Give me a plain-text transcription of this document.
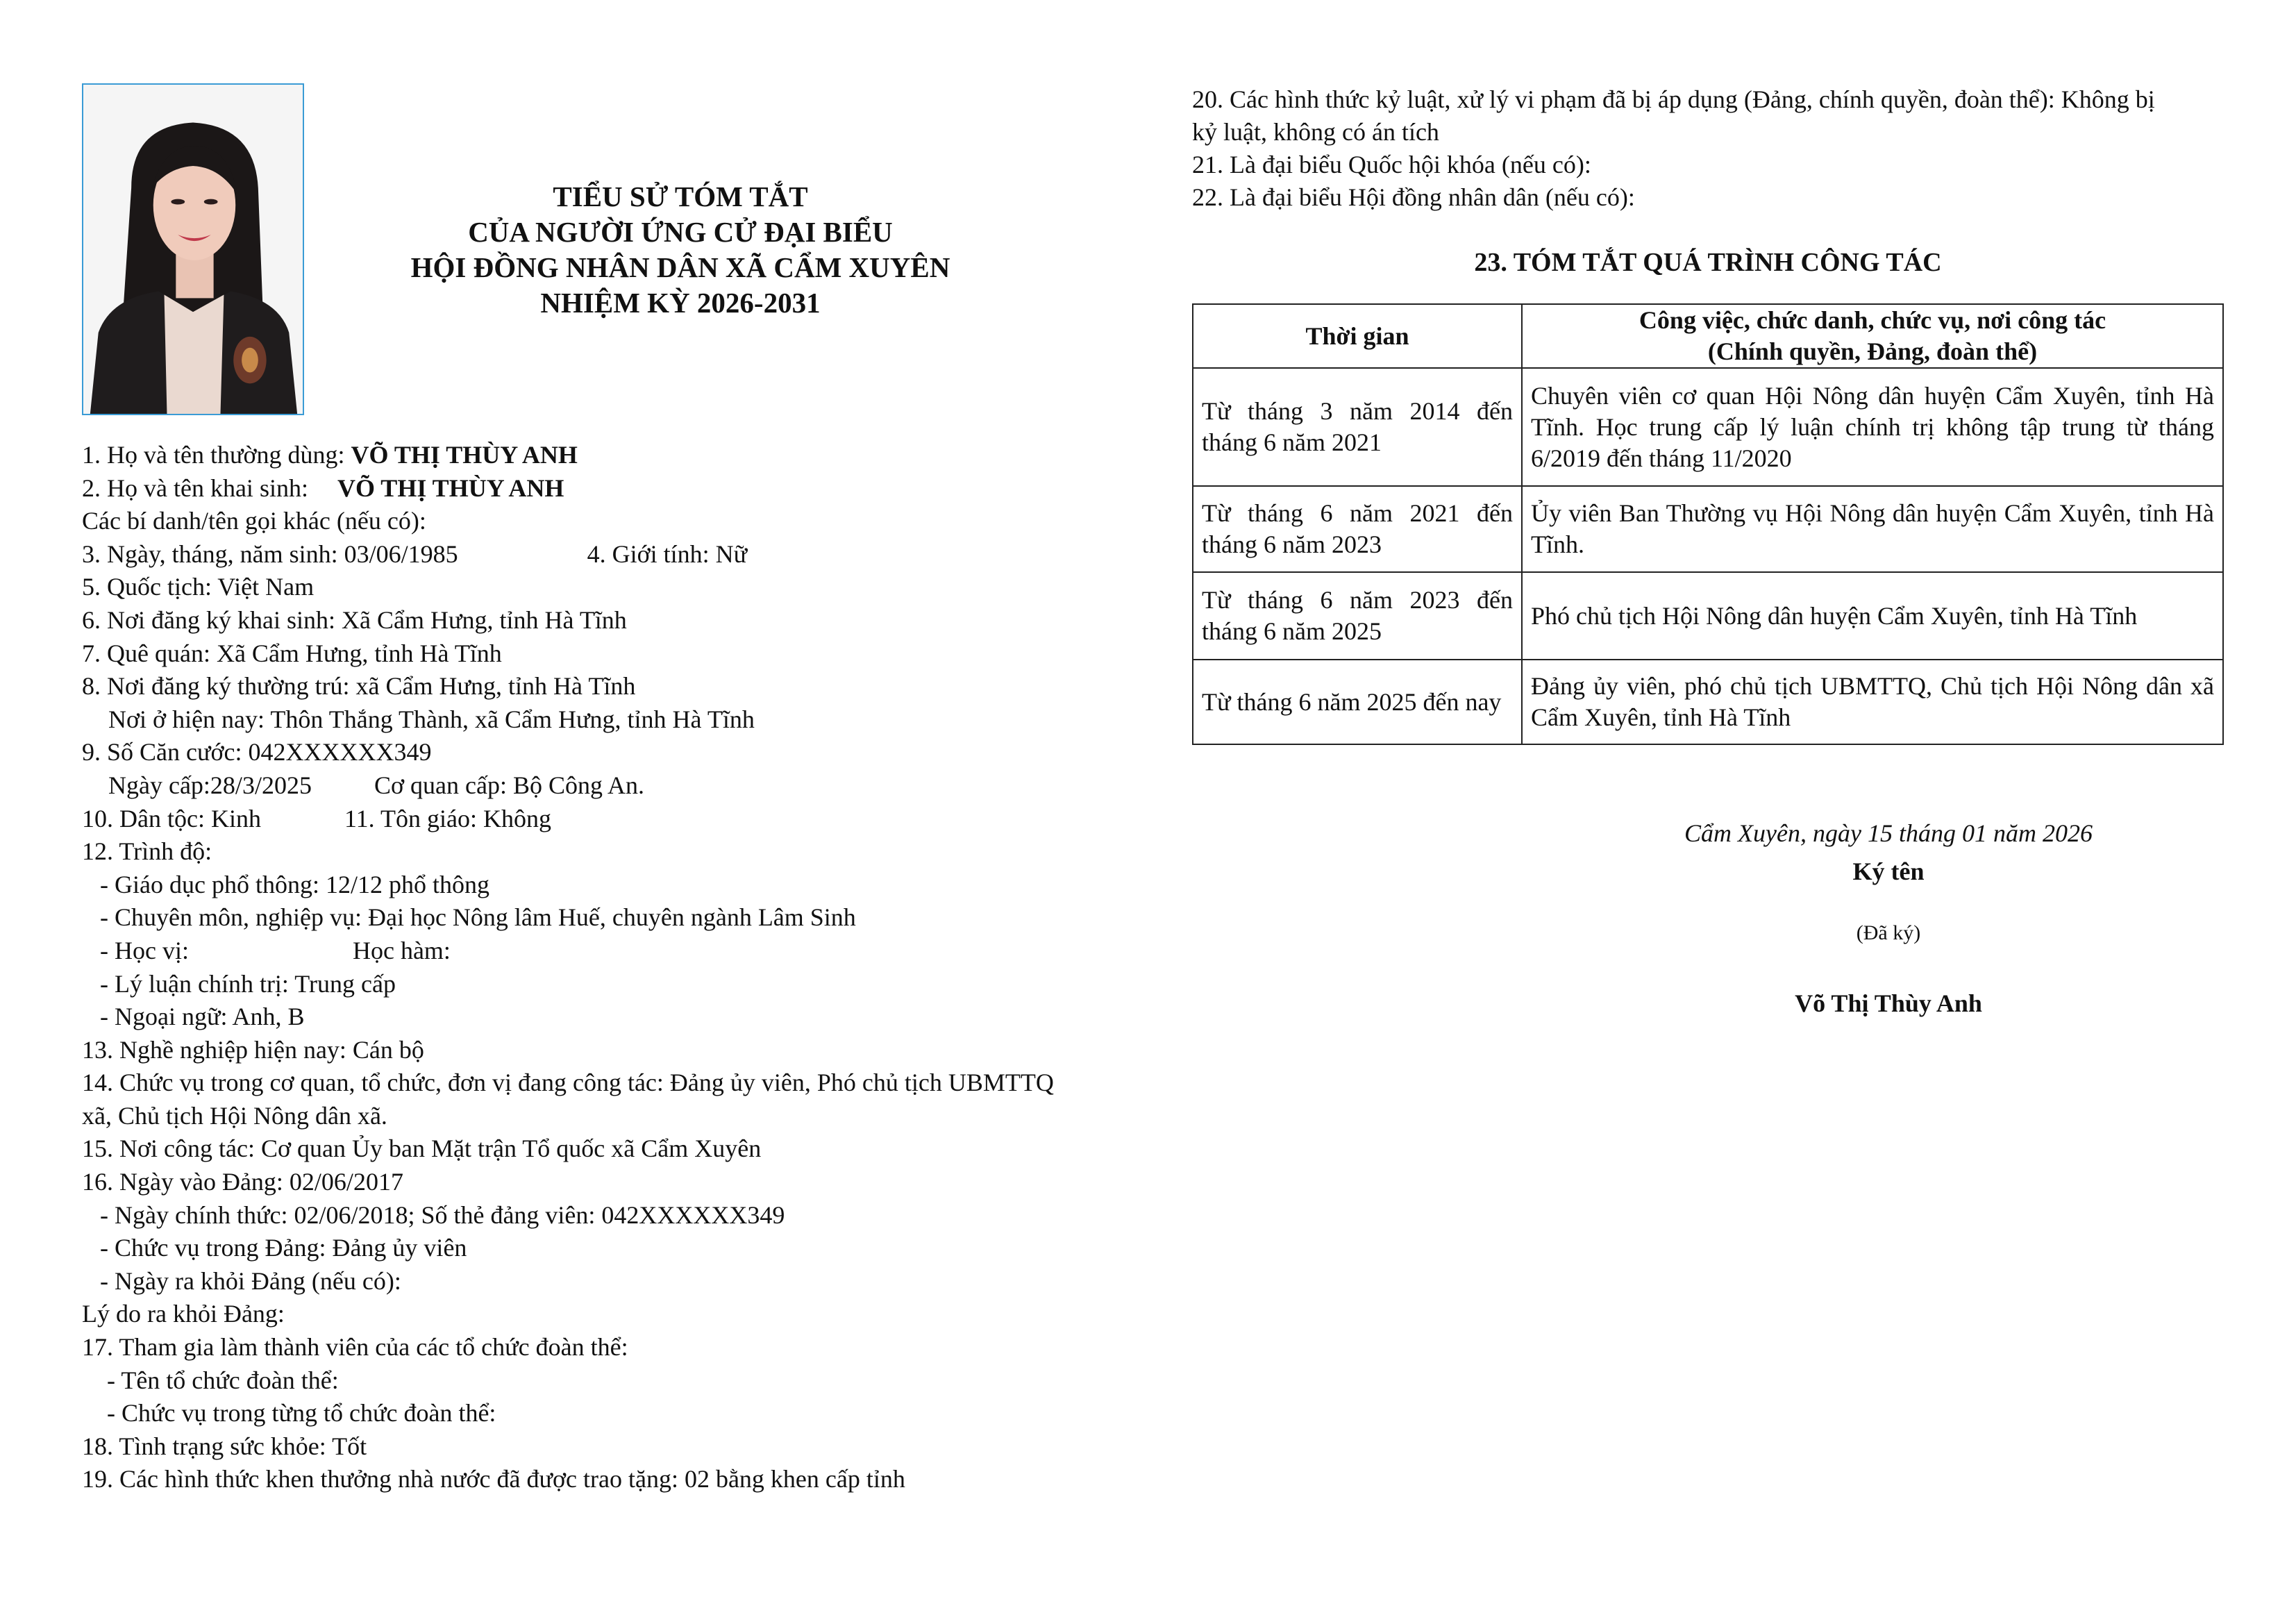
TIỂU SỬ TÓM TẮT
CỦA NGƯỜI ỨNG CỬ ĐẠI BIỂU
HỘI ĐỒNG NHÂN DÂN XÃ CẨM XUYÊN
NHIỆM KỲ 2026-2031
1. Họ và tên thường dùng: VÕ THỊ THÙY ANH
2. Họ và tên khai sinh: VÕ THỊ THÙY ANH
Các bí danh/tên gọi khác (nếu có):
3. Ngày, tháng, năm sinh: 03/06/1985	4. Giới tính: Nữ
5. Quốc tịch: Việt Nam
6. Nơi đăng ký khai sinh: Xã Cẩm Hưng, tỉnh Hà Tĩnh
7. Quê quán: Xã Cẩm Hưng, tỉnh Hà Tĩnh
8. Nơi đăng ký thường trú: xã Cẩm Hưng, tỉnh Hà Tĩnh
Nơi ở hiện nay: Thôn Thắng Thành, xã Cẩm Hưng, tỉnh Hà Tĩnh
9. Số Căn cước: 042XXXXXX349
Ngày cấp:28/3/2025	Cơ quan cấp: Bộ Công An.
10. Dân tộc: Kinh	11. Tôn giáo: Không
12. Trình độ:
- Giáo dục phổ thông: 12/12 phổ thông
- Chuyên môn, nghiệp vụ: Đại học Nông lâm Huế, chuyên ngành Lâm Sinh
- Học vị:	Học hàm:
- Lý luận chính trị: Trung cấp
- Ngoại ngữ: Anh, B
13. Nghề nghiệp hiện nay: Cán bộ
14. Chức vụ trong cơ quan, tổ chức, đơn vị đang công tác: Đảng ủy viên, Phó chủ tịch UBMTTQ
xã, Chủ tịch Hội Nông dân xã.
15. Nơi công tác: Cơ quan Ủy ban Mặt trận Tổ quốc xã Cẩm Xuyên
16. Ngày vào Đảng: 02/06/2017
- Ngày chính thức: 02/06/2018; Số thẻ đảng viên: 042XXXXXX349
- Chức vụ trong Đảng: Đảng ủy viên
- Ngày ra khỏi Đảng (nếu có):
Lý do ra khỏi Đảng:
17. Tham gia làm thành viên của các tổ chức đoàn thể:
- Tên tổ chức đoàn thể:
- Chức vụ trong từng tổ chức đoàn thể:
18. Tình trạng sức khỏe: Tốt
19. Các hình thức khen thưởng nhà nước đã được trao tặng: 02 bằng khen cấp tỉnh
20. Các hình thức kỷ luật, xử lý vi phạm đã bị áp dụng (Đảng, chính quyền, đoàn thể): Không bị
kỷ luật, không có án tích
21. Là đại biểu Quốc hội khóa (nếu có):
22. Là đại biểu Hội đồng nhân dân (nếu có):
23. TÓM TẮT QUÁ TRÌNH CÔNG TÁC
Thời gian	Công việc, chức danh, chức vụ, nơi công tác
(Chính quyền, Đảng, đoàn thể)

Từ tháng 3 năm 2014 đến tháng 6 năm 2021	Chuyên viên cơ quan Hội Nông dân huyện Cẩm Xuyên, tỉnh Hà Tĩnh. Học trung cấp lý luận chính trị không tập trung từ tháng 6/2019 đến tháng 11/2020
Từ tháng 6 năm 2021 đến tháng 6 năm 2023	Ủy viên Ban Thường vụ Hội Nông dân huyện Cẩm Xuyên, tỉnh Hà Tĩnh.
Từ tháng 6 năm 2023 đến tháng 6 năm 2025	Phó chủ tịch Hội Nông dân huyện Cẩm Xuyên, tỉnh Hà Tĩnh
Từ tháng 6 năm 2025 đến nay	Đảng ủy viên, phó chủ tịch UBMTTQ, Chủ tịch Hội Nông dân xã Cẩm Xuyên, tỉnh Hà Tĩnh
Cẩm Xuyên, ngày 15 tháng 01 năm 2026
Ký tên
(Đã ký)
Võ Thị Thùy Anh
